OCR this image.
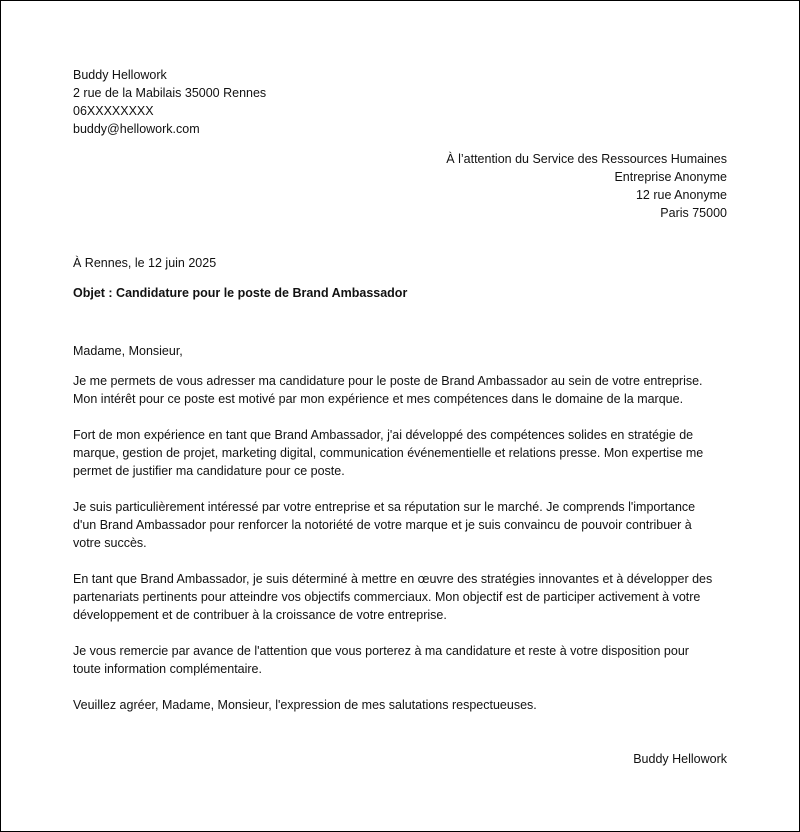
Buddy Hellowork

2 rue de la Mabilais 35000 Rennes

06XXXXXXXX

buddy@hellowork.com

À l’attention du Service des Ressources Humaines

Entreprise Anonyme

12 rue Anonyme

Paris 75000

À Rennes, le 12 juin 2025
Objet : Candidature pour le poste de Brand Ambassador
Madame, Monsieur,
Je me permets de vous adresser ma candidature pour le poste de Brand Ambassador au sein de votre entreprise.
Mon intérêt pour ce poste est motivé par mon expérience et mes compétences dans le domaine de la marque.
Fort de mon expérience en tant que Brand Ambassador, j'ai développé des compétences solides en stratégie de
marque, gestion de projet, marketing digital, communication événementielle et relations presse. Mon expertise me
permet de justifier ma candidature pour ce poste.
Je suis particulièrement intéressé par votre entreprise et sa réputation sur le marché. Je comprends l'importance
d'un Brand Ambassador pour renforcer la notoriété de votre marque et je suis convaincu de pouvoir contribuer à
votre succès.
En tant que Brand Ambassador, je suis déterminé à mettre en œuvre des stratégies innovantes et à développer des
partenariats pertinents pour atteindre vos objectifs commerciaux. Mon objectif est de participer activement à votre
développement et de contribuer à la croissance de votre entreprise.
Je vous remercie par avance de l'attention que vous porterez à ma candidature et reste à votre disposition pour
toute information complémentaire.
Veuillez agréer, Madame, Monsieur, l'expression de mes salutations respectueuses.
Buddy Hellowork
